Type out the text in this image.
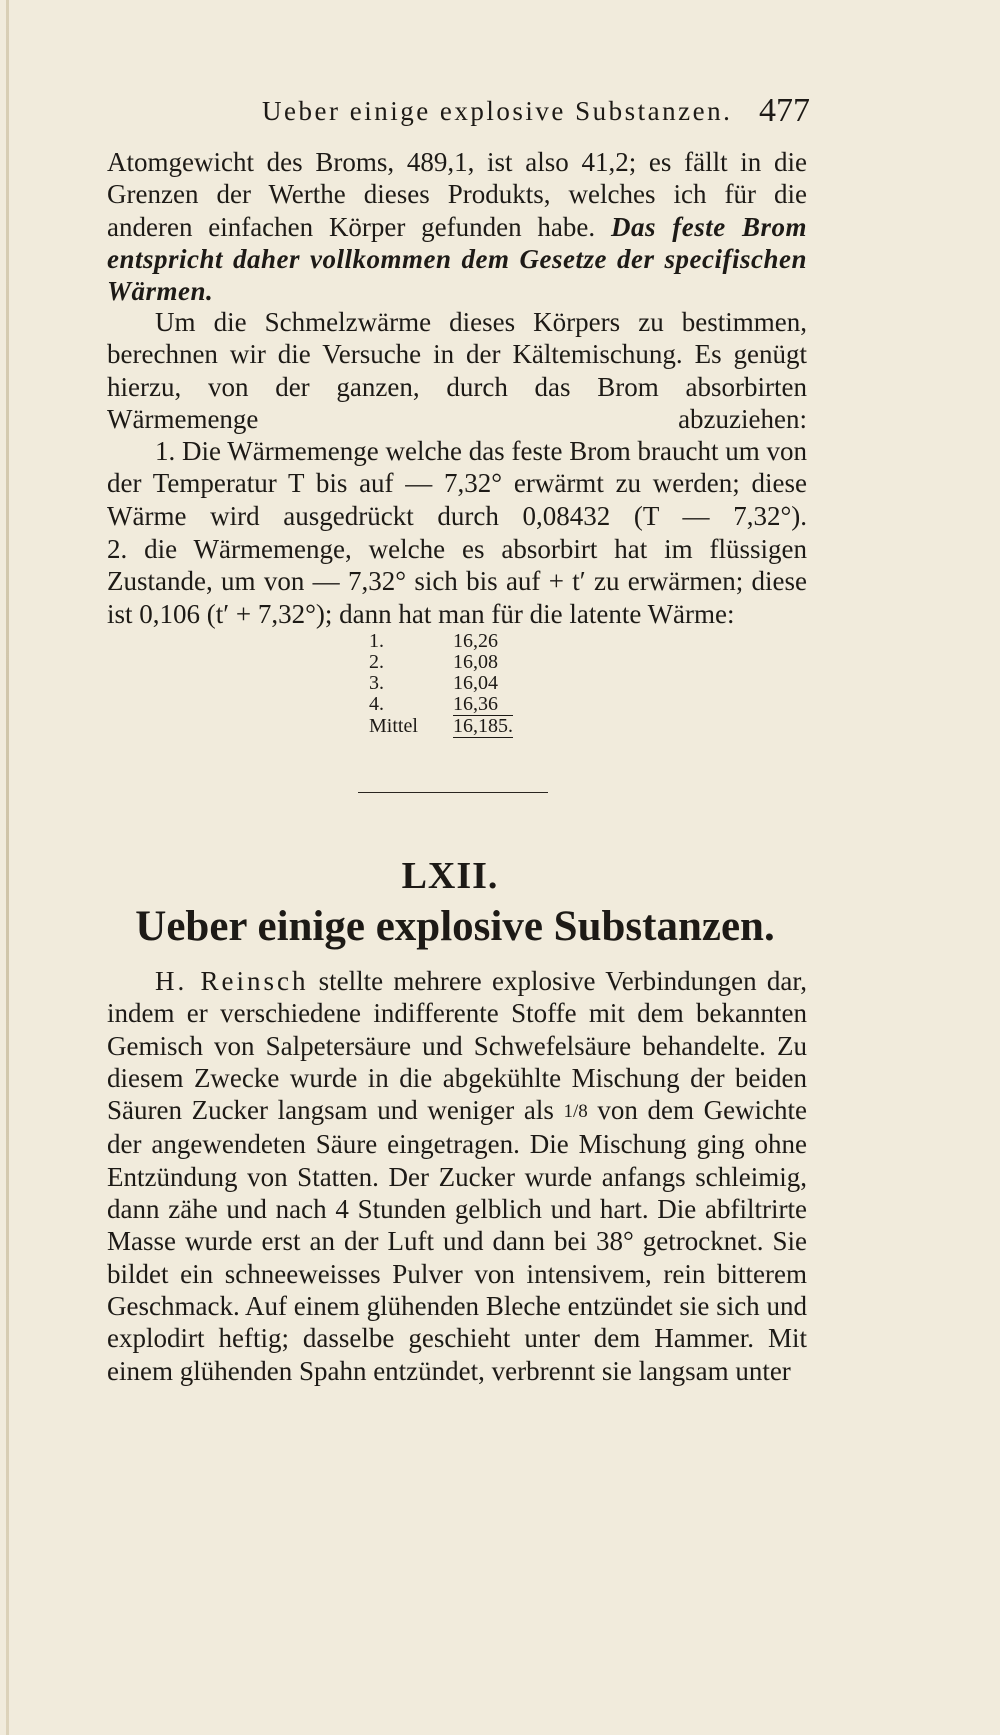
Ueber einige explosive Substanzen. 477

Atomgewicht des Broms, 489,1, ist also 41,2; es fällt in die Grenzen der Werthe dieses Produkts, welches ich für die anderen einfachen Körper gefunden habe. Das feste Brom entspricht daher vollkommen dem Gesetze der specifischen Wärmen.

Um die Schmelzwärme dieses Körpers zu bestimmen, berechnen wir die Versuche in der Kältemischung. Es genügt hierzu, von der ganzen, durch das Brom absorbirten Wärmemenge abzuziehen:

1. Die Wärmemenge welche das feste Brom braucht um von der Temperatur T bis auf — 7,32° erwärmt zu werden; diese Wärme wird ausgedrückt durch 0,08432 (T — 7,32°).

2. die Wärmemenge, welche es absorbirt hat im flüssigen Zustande, um von — 7,32° sich bis auf + t′ zu erwärmen; diese ist 0,106 (t′ + 7,32°); dann hat man für die latente Wärme:

1.	16,26
2.	16,08
3.	16,04
4.	16,36
Mittel	16,185.
LXII.
Ueber einige explosive Substanzen.

H. Reinsch stellte mehrere explosive Verbindungen dar, indem er verschiedene indifferente Stoffe mit dem bekannten Gemisch von Salpetersäure und Schwefelsäure behandelte. Zu diesem Zwecke wurde in die abgekühlte Mischung der beiden Säuren Zucker langsam und weniger als 1/8 von dem Gewichte der angewendeten Säure eingetragen. Die Mischung ging ohne Entzündung von Statten. Der Zucker wurde anfangs schleimig, dann zähe und nach 4 Stunden gelblich und hart. Die abfiltrirte Masse wurde erst an der Luft und dann bei 38° getrocknet. Sie bildet ein schneeweisses Pulver von intensivem, rein bitterem Geschmack. Auf einem glühenden Bleche entzündet sie sich und explodirt heftig; dasselbe geschieht unter dem Hammer. Mit einem glühenden Spahn entzündet, verbrennt sie langsam unter
